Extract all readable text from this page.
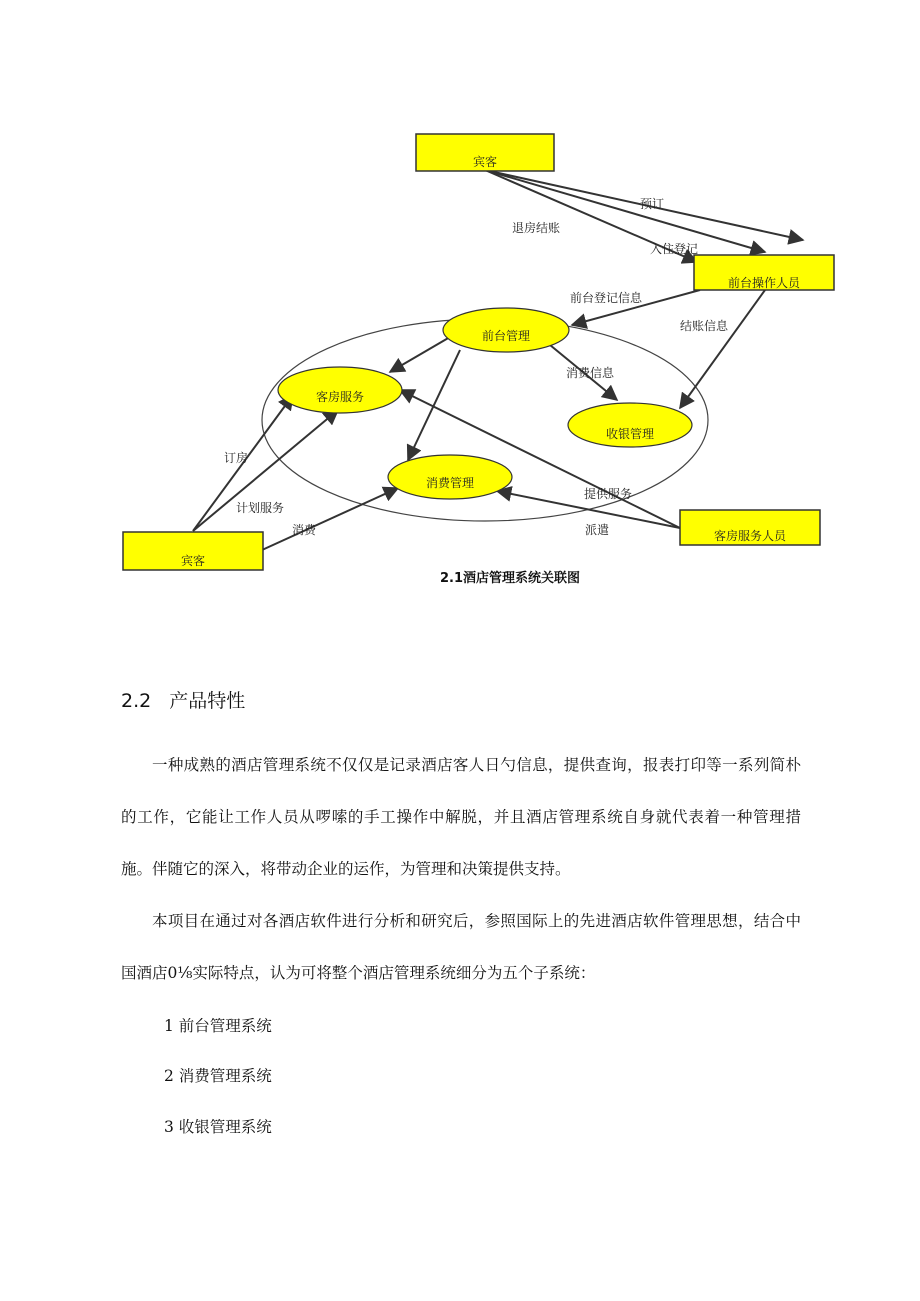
宾客
前台操作人员
宾客
客房服务人员
前台管理
客房服务
收银管理
消费管理
预订
退房结账
入住登记
前台登记信息
结账信息
消费信息
订房
计划服务
消费
提供服务
派遣
2.1酒店管理系统关联图
2.2 产品特性

一种成熟的酒店管理系统不仅仅是记录酒店客人日勺信息，提供查询，报表打印等一系列简朴的工作，它能让工作人员从啰嗦的手工操作中解脱，并且酒店管理系统自身就代表着一种管理措施。伴随它的深入，将带动企业的运作，为管理和决策提供支持。

本项目在通过对各酒店软件进行分析和研究后，参照国际上的先进酒店软件管理思想，结合中国酒店0⅛实际特点，认为可将整个酒店管理系统细分为五个子系统：

1 前台管理系统

2 消费管理系统

3 收银管理系统
